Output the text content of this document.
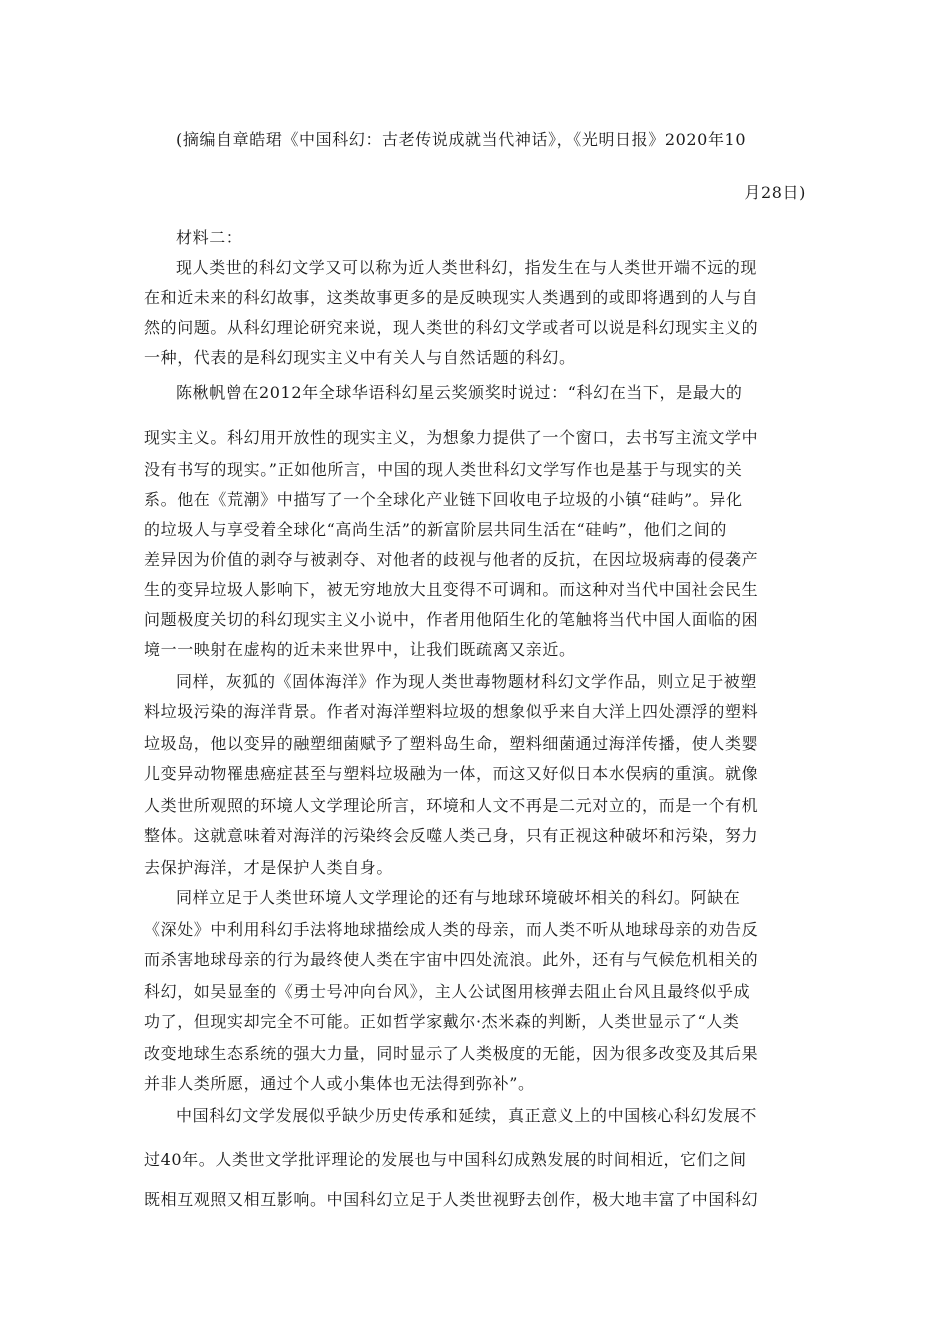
(摘编自章皓珺《中国科幻：古老传说成就当代神话》，《光明日报》2020年10
月28日)
材料二：
现人类世的科幻文学又可以称为近人类世科幻，指发生在与人类世开端不远的现
在和近未来的科幻故事，这类故事更多的是反映现实人类遇到的或即将遇到的人与自
然的问题。从科幻理论研究来说，现人类世的科幻文学或者可以说是科幻现实主义的
一种，代表的是科幻现实主义中有关人与自然话题的科幻。
陈楸帆曾在2012年全球华语科幻星云奖颁奖时说过：“科幻在当下，是最大的
现实主义。科幻用开放性的现实主义，为想象力提供了一个窗口，去书写主流文学中
没有书写的现实。”正如他所言，中国的现人类世科幻文学写作也是基于与现实的关
系。他在《荒潮》中描写了一个全球化产业链下回收电子垃圾的小镇“硅屿”。异化
的垃圾人与享受着全球化“高尚生活”的新富阶层共同生活在“硅屿”，他们之间的
差异因为价值的剥夺与被剥夺、对他者的歧视与他者的反抗，在因垃圾病毒的侵袭产
生的变异垃圾人影响下，被无穷地放大且变得不可调和。而这种对当代中国社会民生
问题极度关切的科幻现实主义小说中，作者用他陌生化的笔触将当代中国人面临的困
境一一映射在虚构的近未来世界中，让我们既疏离又亲近。
同样，灰狐的《固体海洋》作为现人类世毒物题材科幻文学作品，则立足于被塑
料垃圾污染的海洋背景。作者对海洋塑料垃圾的想象似乎来自大洋上四处漂浮的塑料
垃圾岛，他以变异的融塑细菌赋予了塑料岛生命，塑料细菌通过海洋传播，使人类婴
儿变异动物罹患癌症甚至与塑料垃圾融为一体，而这又好似日本水俣病的重演。就像
人类世所观照的环境人文学理论所言，环境和人文不再是二元对立的，而是一个有机
整体。这就意味着对海洋的污染终会反噬人类己身，只有正视这种破坏和污染，努力
去保护海洋，才是保护人类自身。
同样立足于人类世环境人文学理论的还有与地球环境破坏相关的科幻。阿缺在
《深处》中利用科幻手法将地球描绘成人类的母亲，而人类不听从地球母亲的劝告反
而杀害地球母亲的行为最终使人类在宇宙中四处流浪。此外，还有与气候危机相关的
科幻，如吴显奎的《勇士号冲向台风》，主人公试图用核弹去阻止台风且最终似乎成
功了，但现实却完全不可能。正如哲学家戴尔·杰米森的判断，人类世显示了“人类
改变地球生态系统的强大力量，同时显示了人类极度的无能，因为很多改变及其后果
并非人类所愿，通过个人或小集体也无法得到弥补”。
中国科幻文学发展似乎缺少历史传承和延续，真正意义上的中国核心科幻发展不
过40年。人类世文学批评理论的发展也与中国科幻成熟发展的时间相近，它们之间
既相互观照又相互影响。中国科幻立足于人类世视野去创作，极大地丰富了中国科幻
